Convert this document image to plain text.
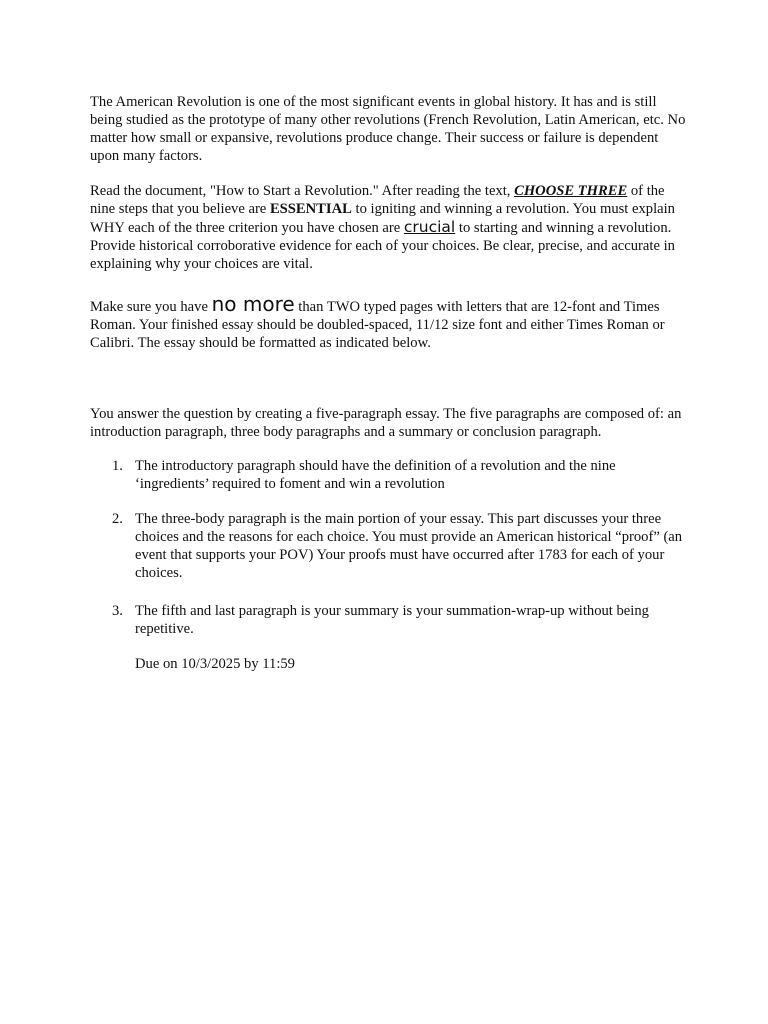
The American Revolution is one of the most significant events in global history. It has and is still being studied as the prototype of many other revolutions (French Revolution, Latin American, etc. No matter how small or expansive, revolutions produce change. Their success or failure is dependent upon many factors.

Read the document, "How to Start a Revolution." After reading the text, CHOOSE THREE of the nine steps that you believe are ESSENTIAL to igniting and winning a revolution. You must explain WHY each of the three criterion you have chosen are crucial to starting and winning a revolution. Provide historical corroborative evidence for each of your choices. Be clear, precise, and accurate in explaining why your choices are vital.

Make sure you have no more than TWO typed pages with letters that are 12-font and Times Roman. Your finished essay should be doubled-spaced, 11/12 size font and either Times Roman or Calibri. The essay should be formatted as indicated below.

You answer the question by creating a five-paragraph essay. The five paragraphs are composed of: an introduction paragraph, three body paragraphs and a summary or conclusion paragraph.

1. The introductory paragraph should have the definition of a revolution and the nine ‘ingredients’ required to foment and win a revolution
2. The three-body paragraph is the main portion of your essay. This part discusses your three choices and the reasons for each choice. You must provide an American historical “proof” (an event that supports your POV) Your proofs must have occurred after 1783 for each of your choices.
3. The fifth and last paragraph is your summary is your summation-wrap-up without being repetitive.
Due on 10/3/2025 by 11:59
